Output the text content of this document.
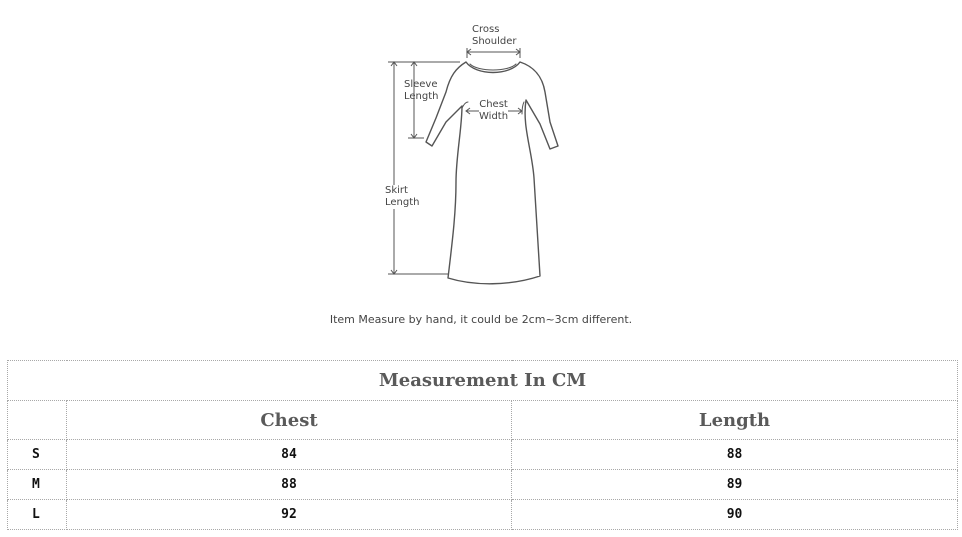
Cross
Shoulder
Sleeve
Length
Chest
Width
Skirt
Length
Item Measure by hand, it could be 2cm~3cm different.
Measurement In CM		
	Chest	Length
S	84	88
M	88	89
L	92	90
